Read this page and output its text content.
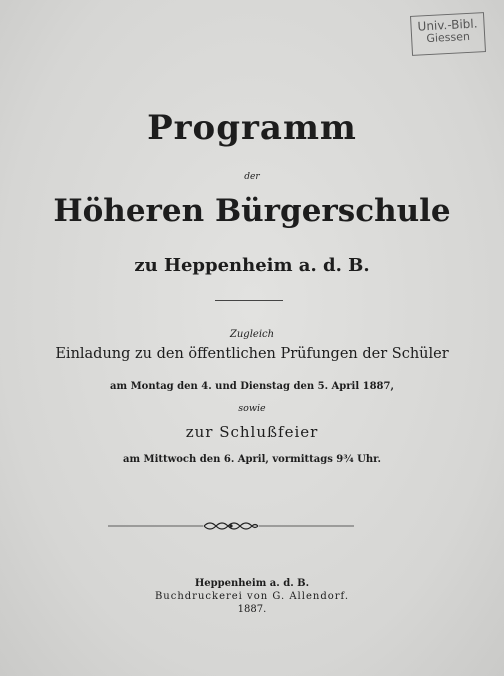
Univ.-Bibl.
Giessen
Programm
der
Höheren Bürgerschule
zu Heppenheim a. d. B.
Zugleich
Einladung zu den öffentlichen Prüfungen der Schüler
am Montag den 4. und Dienstag den 5. April 1887,
sowie
zur Schlußfeier
am Mittwoch den 6. April, vormittags 9¾ Uhr.
Heppenheim a. d. B.
Buchdruckerei von G. Allendorf.
1887.
